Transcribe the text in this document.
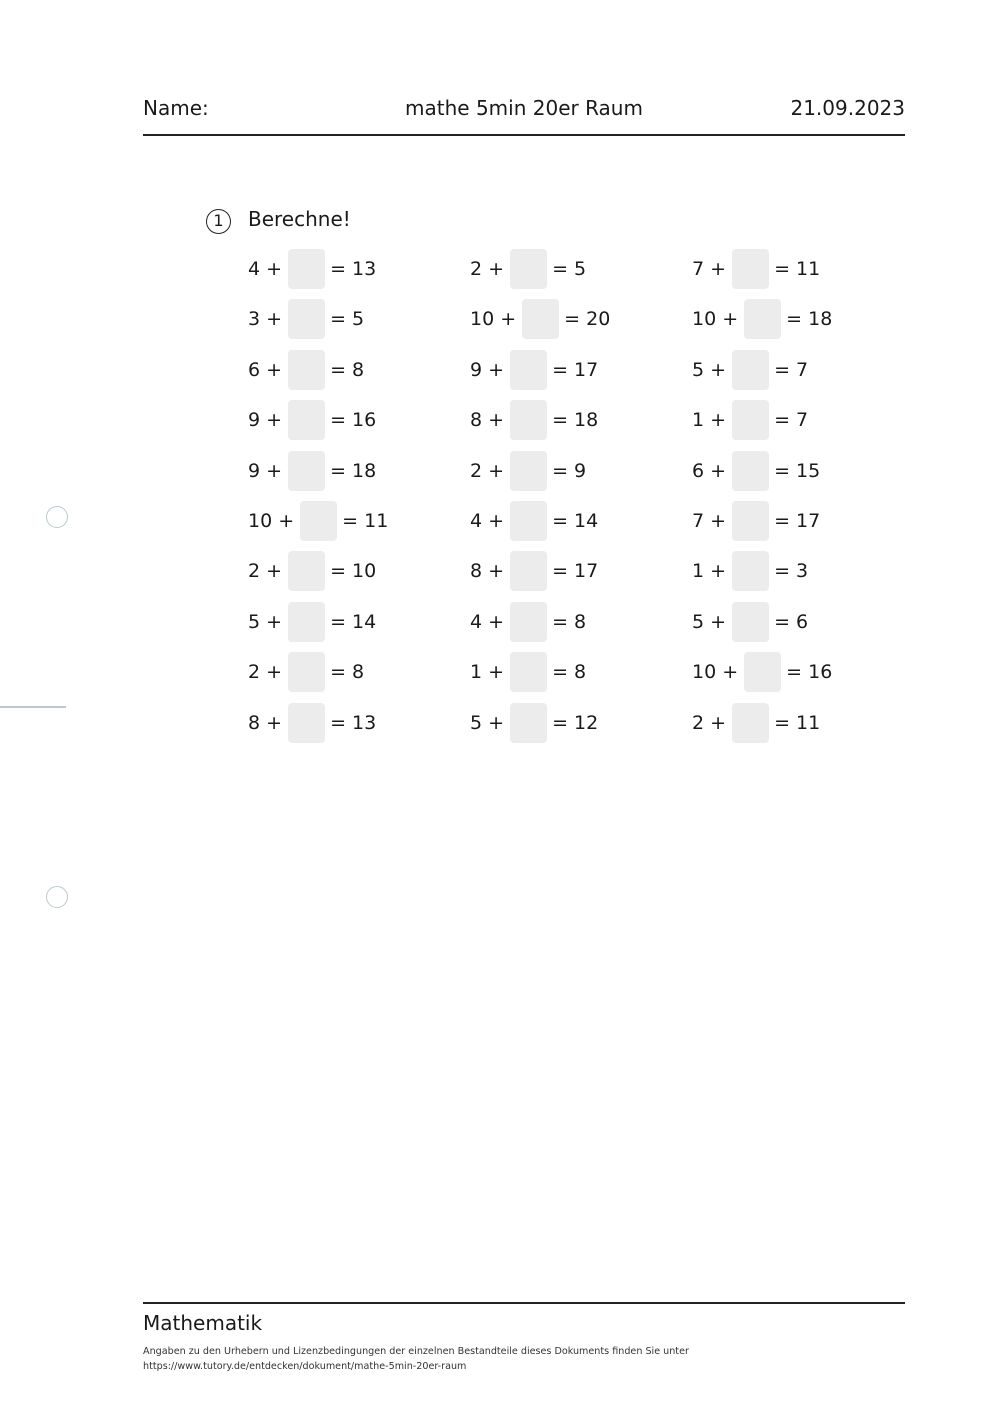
Name:	mathe 5min 20er Raum	21.09.2023
1	Berechne!
4 +	= 13	2 +	= 5	7 +	= 11
3 +	= 5	10 +	= 20	10 +	= 18
6 +	= 8	9 +	= 17	5 +	= 7
9 +	= 16	8 +	= 18	1 +	= 7
9 +	= 18	2 +	= 9	6 +	= 15
10 +	= 11	4 +	= 14	7 +	= 17
2 +	= 10	8 +	= 17	1 +	= 3
5 +	= 14	4 +	= 8	5 +	= 6
2 +	= 8	1 +	= 8	10 +	= 16
8 +	= 13	5 +	= 12	2 +	= 11
Mathematik
Angaben zu den Urhebern und Lizenzbedingungen der einzelnen Bestandteile dieses Dokuments finden Sie unter
https://www.tutory.de/entdecken/dokument/mathe-5min-20er-raum
